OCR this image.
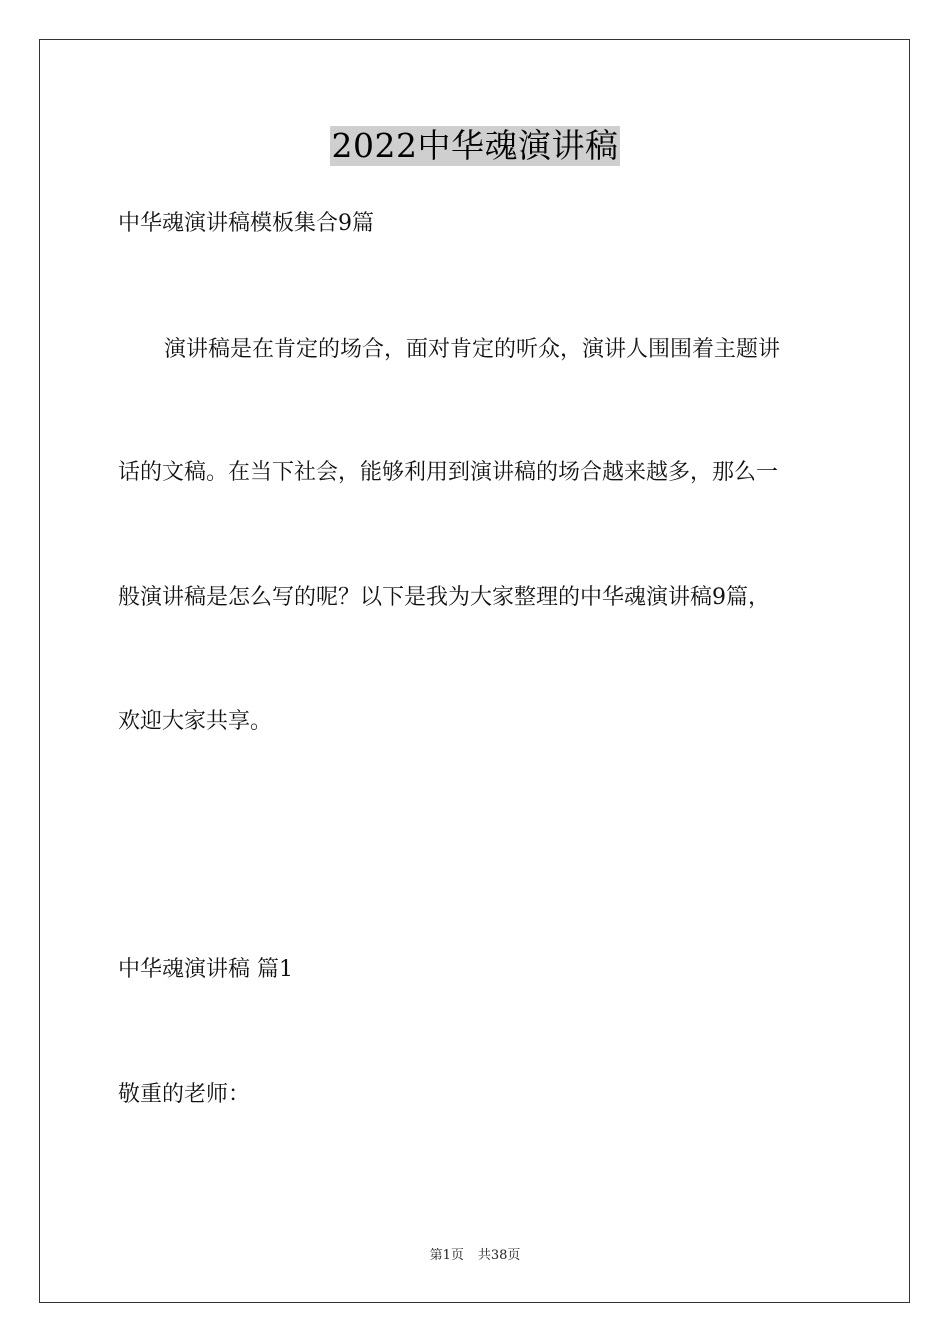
2022中华魂演讲稿
中华魂演讲稿模板集合9篇
演讲稿是在肯定的场合，面对肯定的听众，演讲人围围着主题讲
话的文稿。在当下社会，能够利用到演讲稿的场合越来越多，那么一
般演讲稿是怎么写的呢？以下是我为大家整理的中华魂演讲稿9篇，
欢迎大家共享。
中华魂演讲稿 篇1
敬重的老师：
第1页 共38页
